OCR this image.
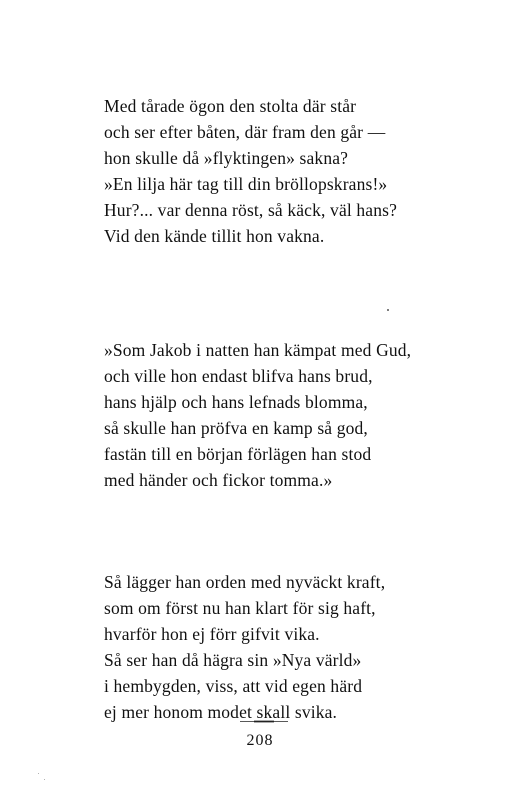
Med tårade ögon den stolta där står
och ser efter båten, där fram den går —
hon skulle då »flyktingen» sakna?
»En lilja här tag till din bröllopskrans!»
Hur?... var denna röst, så käck, väl hans?
Vid den kände tillit hon vakna.
»Som Jakob i natten han kämpat med Gud,
och ville hon endast blifva hans brud,
hans hjälp och hans lefnads blomma,
så skulle han pröfva en kamp så god,
fastän till en början förlägen han stod
med händer och fickor tomma.»
Så lägger han orden med nyväckt kraft,
som om först nu han klart för sig haft,
hvarför hon ej förr gifvit vika.
Så ser han då hägra sin »Nya värld»
i hembygden, viss, att vid egen härd
ej mer honom modet skall svika.
208
